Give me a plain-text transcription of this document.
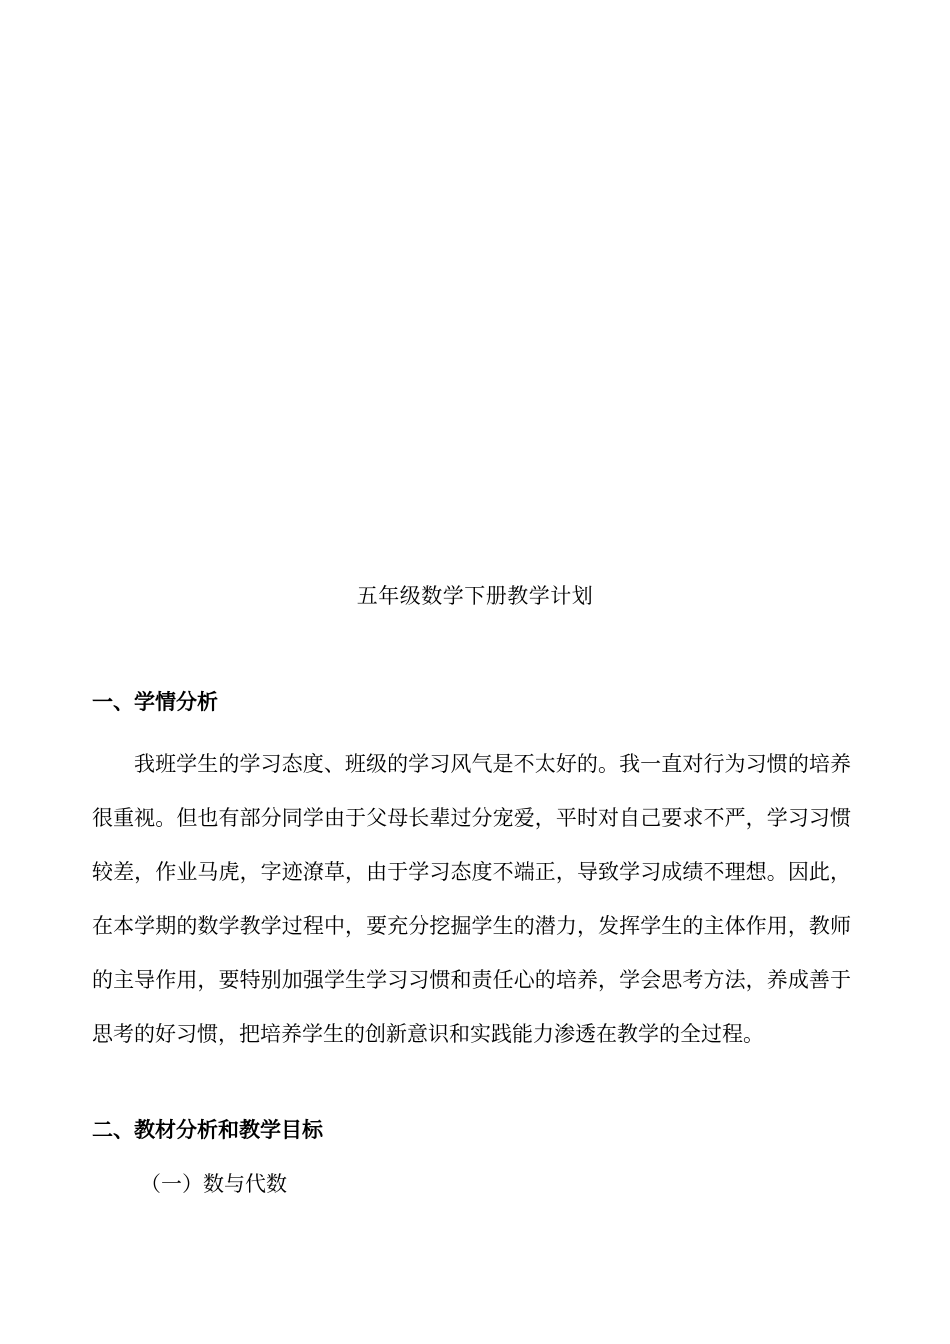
五年级数学下册教学计划
一、学情分析

我班学生的学习态度、班级的学习风气是不太好的。我一直对行为习惯的培养很重视。但也有部分同学由于父母长辈过分宠爱，平时对自己要求不严，学习习惯较差，作业马虎，字迹潦草，由于学习态度不端正，导致学习成绩不理想。因此，在本学期的数学教学过程中，要充分挖掘学生的潜力，发挥学生的主体作用，教师的主导作用，要特别加强学生学习习惯和责任心的培养，学会思考方法，养成善于思考的好习惯，把培养学生的创新意识和实践能力渗透在教学的全过程。

二、教材分析和教学目标
（一）数与代数
